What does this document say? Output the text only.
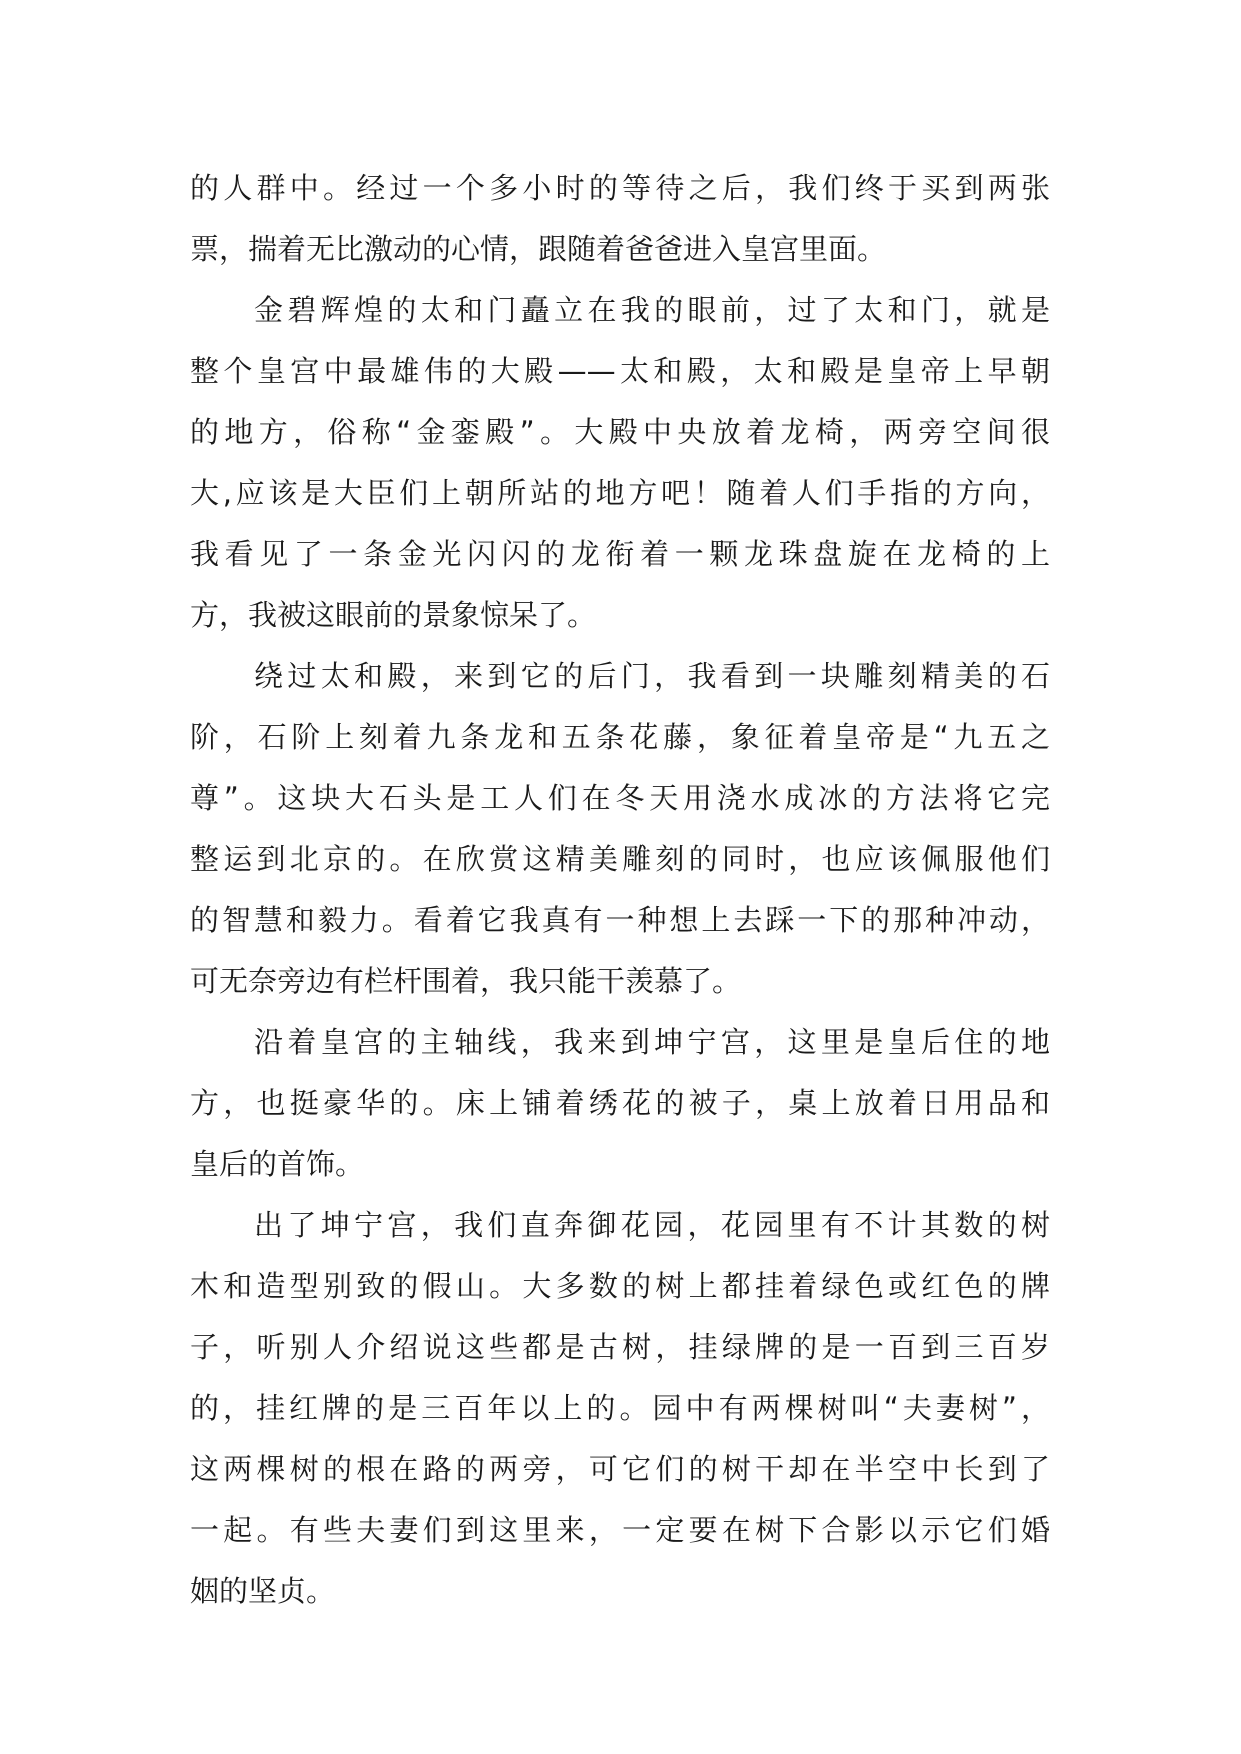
的人群中。经过一个多小时的等待之后，我们终于买到两张
票，揣着无比激动的心情，跟随着爸爸进入皇宫里面。
金碧辉煌的太和门矗立在我的眼前，过了太和门，就是
整个皇宫中最雄伟的大殿——太和殿，太和殿是皇帝上早朝
的地方，俗称“金銮殿”。大殿中央放着龙椅，两旁空间很
大,应该是大臣们上朝所站的地方吧！随着人们手指的方向，
我看见了一条金光闪闪的龙衔着一颗龙珠盘旋在龙椅的上
方，我被这眼前的景象惊呆了。
绕过太和殿，来到它的后门，我看到一块雕刻精美的石
阶，石阶上刻着九条龙和五条花藤，象征着皇帝是“九五之
尊”。这块大石头是工人们在冬天用浇水成冰的方法将它完
整运到北京的。在欣赏这精美雕刻的同时，也应该佩服他们
的智慧和毅力。看着它我真有一种想上去踩一下的那种冲动，
可无奈旁边有栏杆围着，我只能干羡慕了。
沿着皇宫的主轴线，我来到坤宁宫，这里是皇后住的地
方，也挺豪华的。床上铺着绣花的被子，桌上放着日用品和
皇后的首饰。
出了坤宁宫，我们直奔御花园，花园里有不计其数的树
木和造型别致的假山。大多数的树上都挂着绿色或红色的牌
子，听别人介绍说这些都是古树，挂绿牌的是一百到三百岁
的，挂红牌的是三百年以上的。园中有两棵树叫“夫妻树”，
这两棵树的根在路的两旁，可它们的树干却在半空中长到了
一起。有些夫妻们到这里来，一定要在树下合影以示它们婚
姻的坚贞。
